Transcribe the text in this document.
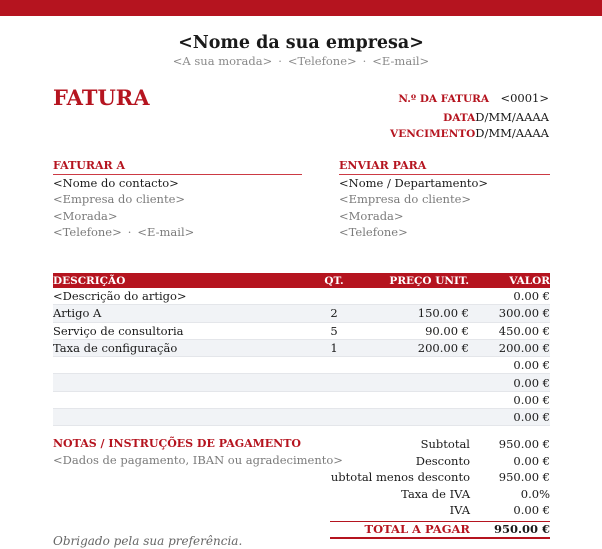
<Nome da sua empresa>
<A sua morada> · <Telefone> · <E-mail>
FATURA	N.º DA FATURA <0001>
DATAD/MM/AAAA
VENCIMENTOD/MM/AAAA
FATURAR A
<Nome do contacto>
<Empresa do cliente>
<Morada>
<Telefone> · <E-mail>
ENVIAR PARA
<Nome / Departamento>
<Empresa do cliente>
<Morada>
<Telefone>
DESCRIÇÃO	QT.	PREÇO UNIT.	VALOR
<Descrição do artigo>			0.00 €
Artigo A	2	150.00 €	300.00 €
Serviço de consultoria	5	90.00 €	450.00 €
Taxa de configuração	1	200.00 €	200.00 €
			0.00 €
			0.00 €
			0.00 €
			0.00 €
NOTAS / INSTRUÇÕES DE PAGAMENTO
<Dados de pagamento, IBAN ou agradecimento>
Subtotal	950.00 €
Desconto	0.00 €
ubtotal menos desconto	950.00 €
Taxa de IVA	0.0%
IVA	0.00 €
TOTAL A PAGAR 950.00 €
Obrigado pela sua preferência.
